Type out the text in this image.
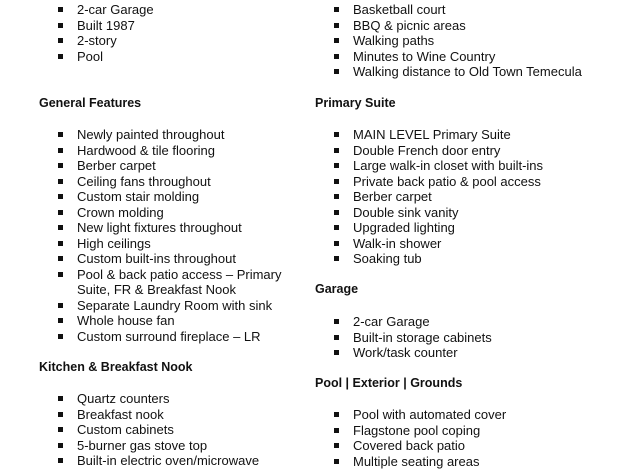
2-car Garage
Built 1987
2-story
Pool
General Features
Newly painted throughout
Hardwood & tile flooring
Berber carpet
Ceiling fans throughout
Custom stair molding
Crown molding
New light fixtures throughout
High ceilings
Custom built-ins throughout
Pool & back patio access – Primary
Suite, FR & Breakfast Nook
Separate Laundry Room with sink
Whole house fan
Custom surround fireplace – LR
Kitchen & Breakfast Nook
Quartz counters
Breakfast nook
Custom cabinets
5-burner gas stove top
Built-in electric oven/microwave
Basketball court
BBQ & picnic areas
Walking paths
Minutes to Wine Country
Walking distance to Old Town Temecula
Primary Suite
MAIN LEVEL Primary Suite
Double French door entry
Large walk-in closet with built-ins
Private back patio & pool access
Berber carpet
Double sink vanity
Upgraded lighting
Walk-in shower
Soaking tub
Garage
2-car Garage
Built-in storage cabinets
Work/task counter
Pool | Exterior | Grounds
Pool with automated cover
Flagstone pool coping
Covered back patio
Multiple seating areas
